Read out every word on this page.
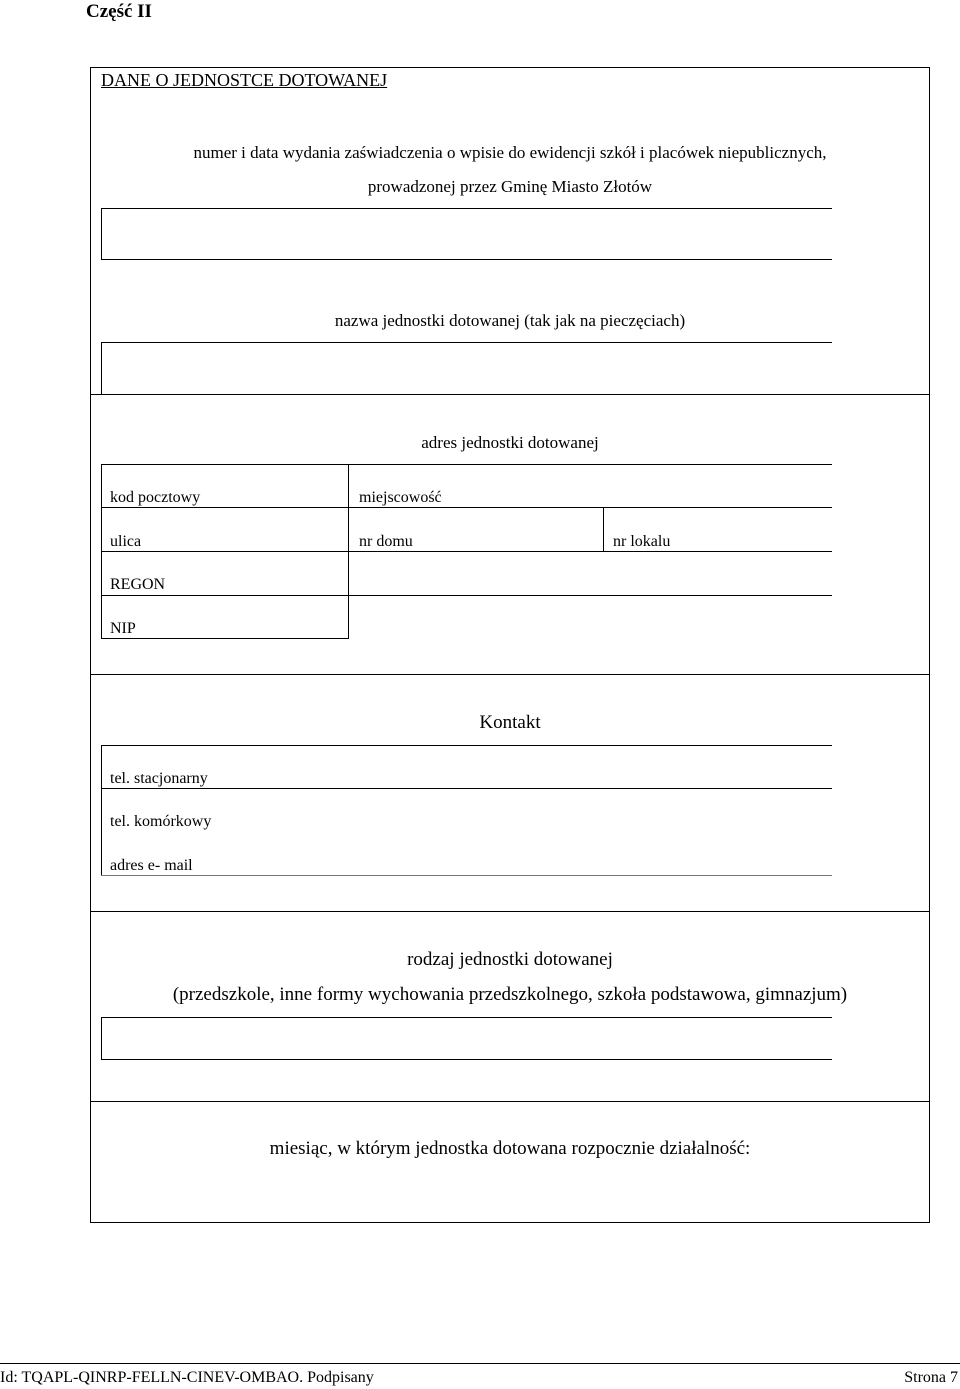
Część II
DANE O JEDNOSTCE DOTOWANEJ
numer i data wydania zaświadczenia o wpisie do ewidencji szkół i placówek niepublicznych,
prowadzonej przez Gminę Miasto Złotów
nazwa jednostki dotowanej (tak jak na pieczęciach)
adres jednostki dotowanej
kod pocztowy	miejscowość
ulica	nr domu	nr lokalu
REGON
NIP
Kontakt
tel. stacjonarny
tel. komórkowy
adres e- mail
rodzaj jednostki dotowanej
(przedszkole, inne formy wychowania przedszkolnego, szkoła podstawowa, gimnazjum)
miesiąc, w którym jednostka dotowana rozpocznie działalność:
Id: TQAPL-QINRP-FELLN-CINEV-OMBAO. Podpisany	Strona 7
